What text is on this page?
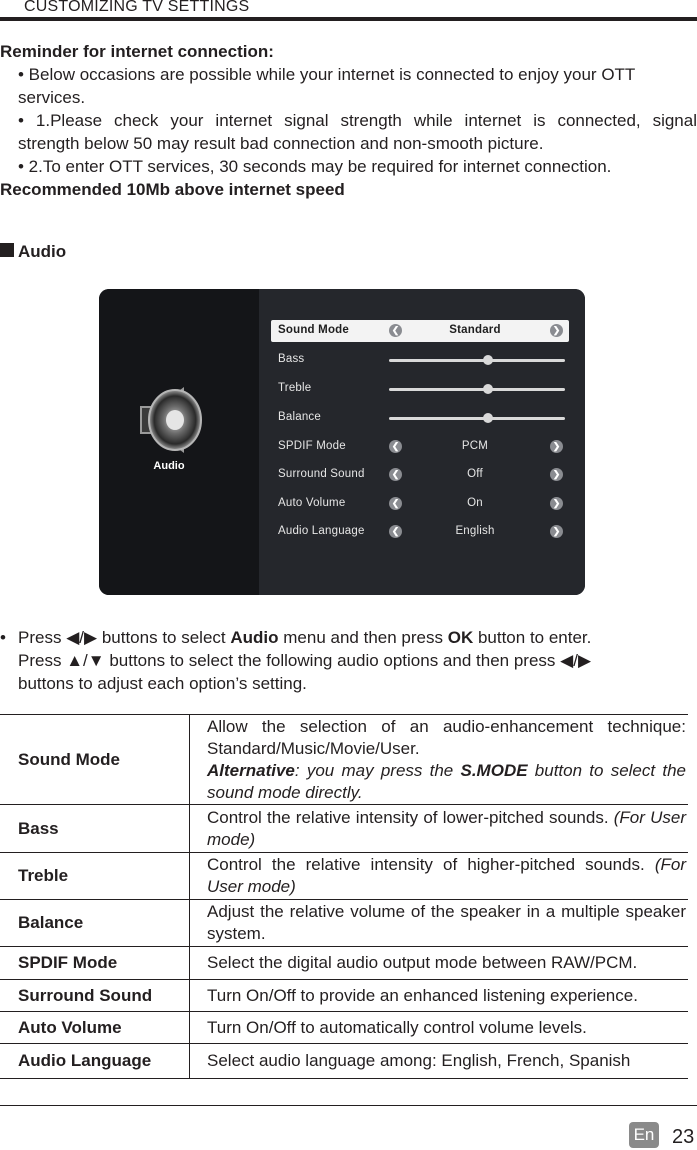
CUSTOMIZING TV SETTINGS
Reminder for internet connection:
• Below occasions are possible while your internet is connected to enjoy your OTT
services.
• 1.Please check your internet signal strength while internet is connected, signal
strength below 50 may result bad connection and non-smooth picture.
• 2.To enter OTT services, 30 seconds may be required for internet connection.
Recommended 10Mb above internet speed
Audio
Audio
Sound Mode	❮	Standard	❯
Bass
Treble
Balance
SPDIF Mode	❮	PCM	❯
Surround Sound	❮	Off	❯
Auto Volume	❮	On	❯
Audio Language	❮	English	❯
• Press ◀/▶ buttons to select Audio menu and then press OK button to enter.
Press ▲/▼ buttons to select the following audio options and then press ◀/▶
buttons to adjust each option’s setting.
Sound Mode	Allow the selection of an audio-enhancement technique: Standard/Music/Movie/User.
Alternative: you may press the S.MODE button to select the sound mode directly.
Bass	Control the relative intensity of lower-pitched sounds. (For User mode)
Treble	Control the relative intensity of higher-pitched sounds. (For User mode)
Balance	Adjust the relative volume of the speaker in a multiple speaker system.
SPDIF Mode	Select the digital audio output mode between RAW/PCM.
Surround Sound	Turn On/Off to provide an enhanced listening experience.
Auto Volume	Turn On/Off to automatically control volume levels.
Audio Language	Select audio language among: English, French, Spanish
En 23
